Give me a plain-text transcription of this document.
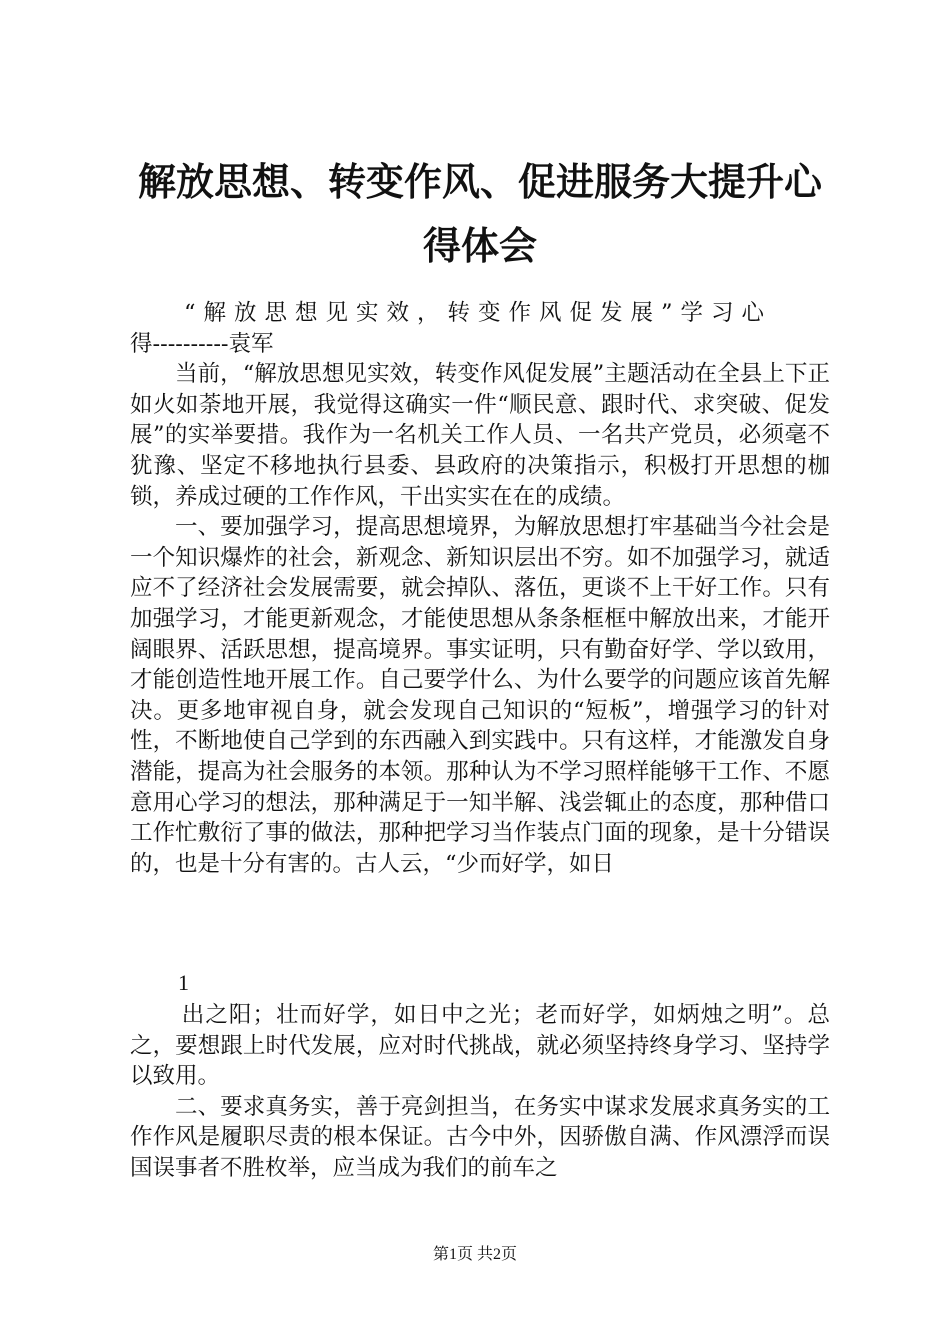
解放思想、转变作风、促进服务大提升心得体会

“解放思想见实效，转变作风促发展”学习心
得----------袁军

当前，“解放思想见实效，转变作风促发展”主题活动在全县上下正如火如荼地开展，我觉得这确实一件“顺民意、跟时代、求突破、促发展”的实举要措。我作为一名机关工作人员、一名共产党员，必须毫不犹豫、坚定不移地执行县委、县政府的决策指示，积极打开思想的枷锁，养成过硬的工作作风，干出实实在在的成绩。

一、要加强学习，提高思想境界，为解放思想打牢基础当今社会是一个知识爆炸的社会，新观念、新知识层出不穷。如不加强学习，就适应不了经济社会发展需要，就会掉队、落伍，更谈不上干好工作。只有加强学习，才能更新观念，才能使思想从条条框框中解放出来，才能开阔眼界、活跃思想，提高境界。事实证明，只有勤奋好学、学以致用，才能创造性地开展工作。自己要学什么、为什么要学的问题应该首先解决。更多地审视自身，就会发现自己知识的“短板”，增强学习的针对性，不断地使自己学到的东西融入到实践中。只有这样，才能激发自身潜能，提高为社会服务的本领。那种认为不学习照样能够干工作、不愿意用心学习的想法，那种满足于一知半解、浅尝辄止的态度，那种借口工作忙敷衍了事的做法，那种把学习当作装点门面的现象，是十分错误的，也是十分有害的。古人云，“少而好学，如日

1

出之阳；壮而好学，如日中之光；老而好学，如炳烛之明”。总之，要想跟上时代发展，应对时代挑战，就必须坚持终身学习、坚持学以致用。

二、要求真务实，善于亮剑担当，在务实中谋求发展求真务实的工作作风是履职尽责的根本保证。古今中外，因骄傲自满、作风漂浮而误国误事者不胜枚举，应当成为我们的前车之

第1页 共2页
